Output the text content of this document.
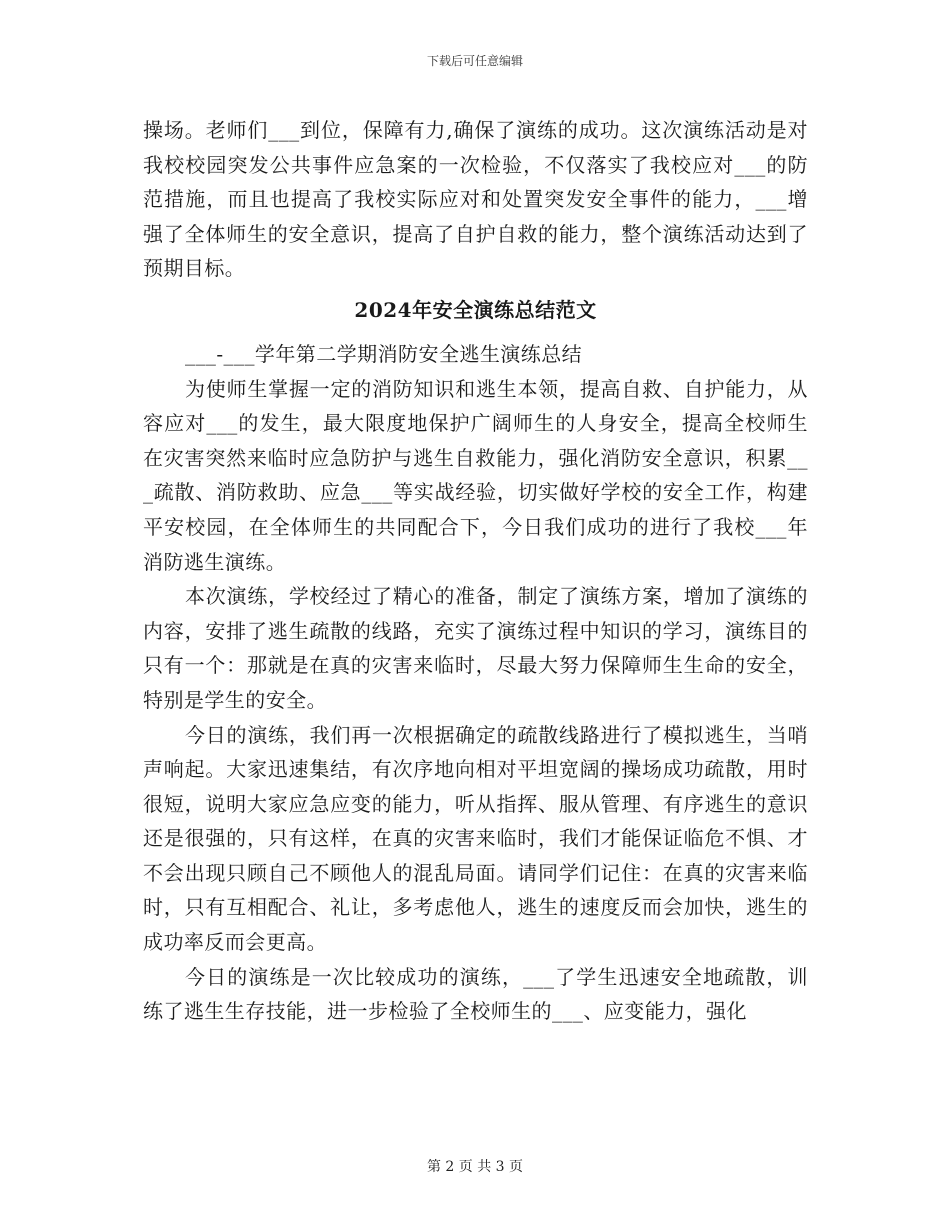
下载后可任意编辑

操场。老师们___到位，保障有力,确保了演练的成功。这次演练活动是对我校校园突发公共事件应急案的一次检验，不仅落实了我校应对___的防范措施，而且也提高了我校实际应对和处置突发安全事件的能力，___增强了全体师生的安全意识，提高了自护自救的能力，整个演练活动达到了预期目标。

2024年安全演练总结范文

___-___学年第二学期消防安全逃生演练总结

为使师生掌握一定的消防知识和逃生本领，提高自救、自护能力，从容应对___的发生，最大限度地保护广阔师生的人身安全，提高全校师生在灾害突然来临时应急防护与逃生自救能力，强化消防安全意识，积累___疏散、消防救助、应急___等实战经验，切实做好学校的安全工作，构建平安校园，在全体师生的共同配合下，今日我们成功的进行了我校___年消防逃生演练。

本次演练，学校经过了精心的准备，制定了演练方案，增加了演练的内容，安排了逃生疏散的线路，充实了演练过程中知识的学习，演练目的只有一个：那就是在真的灾害来临时，尽最大努力保障师生生命的安全，特别是学生的安全。

今日的演练，我们再一次根据确定的疏散线路进行了模拟逃生，当哨声响起。大家迅速集结，有次序地向相对平坦宽阔的操场成功疏散，用时很短，说明大家应急应变的能力，听从指挥、服从管理、有序逃生的意识还是很强的，只有这样，在真的灾害来临时，我们才能保证临危不惧、才不会出现只顾自己不顾他人的混乱局面。请同学们记住：在真的灾害来临时，只有互相配合、礼让，多考虑他人，逃生的速度反而会加快，逃生的成功率反而会更高。

今日的演练是一次比较成功的演练，___了学生迅速安全地疏散，训练了逃生生存技能，进一步检验了全校师生的___、应变能力，强化

第 2 页 共 3 页
